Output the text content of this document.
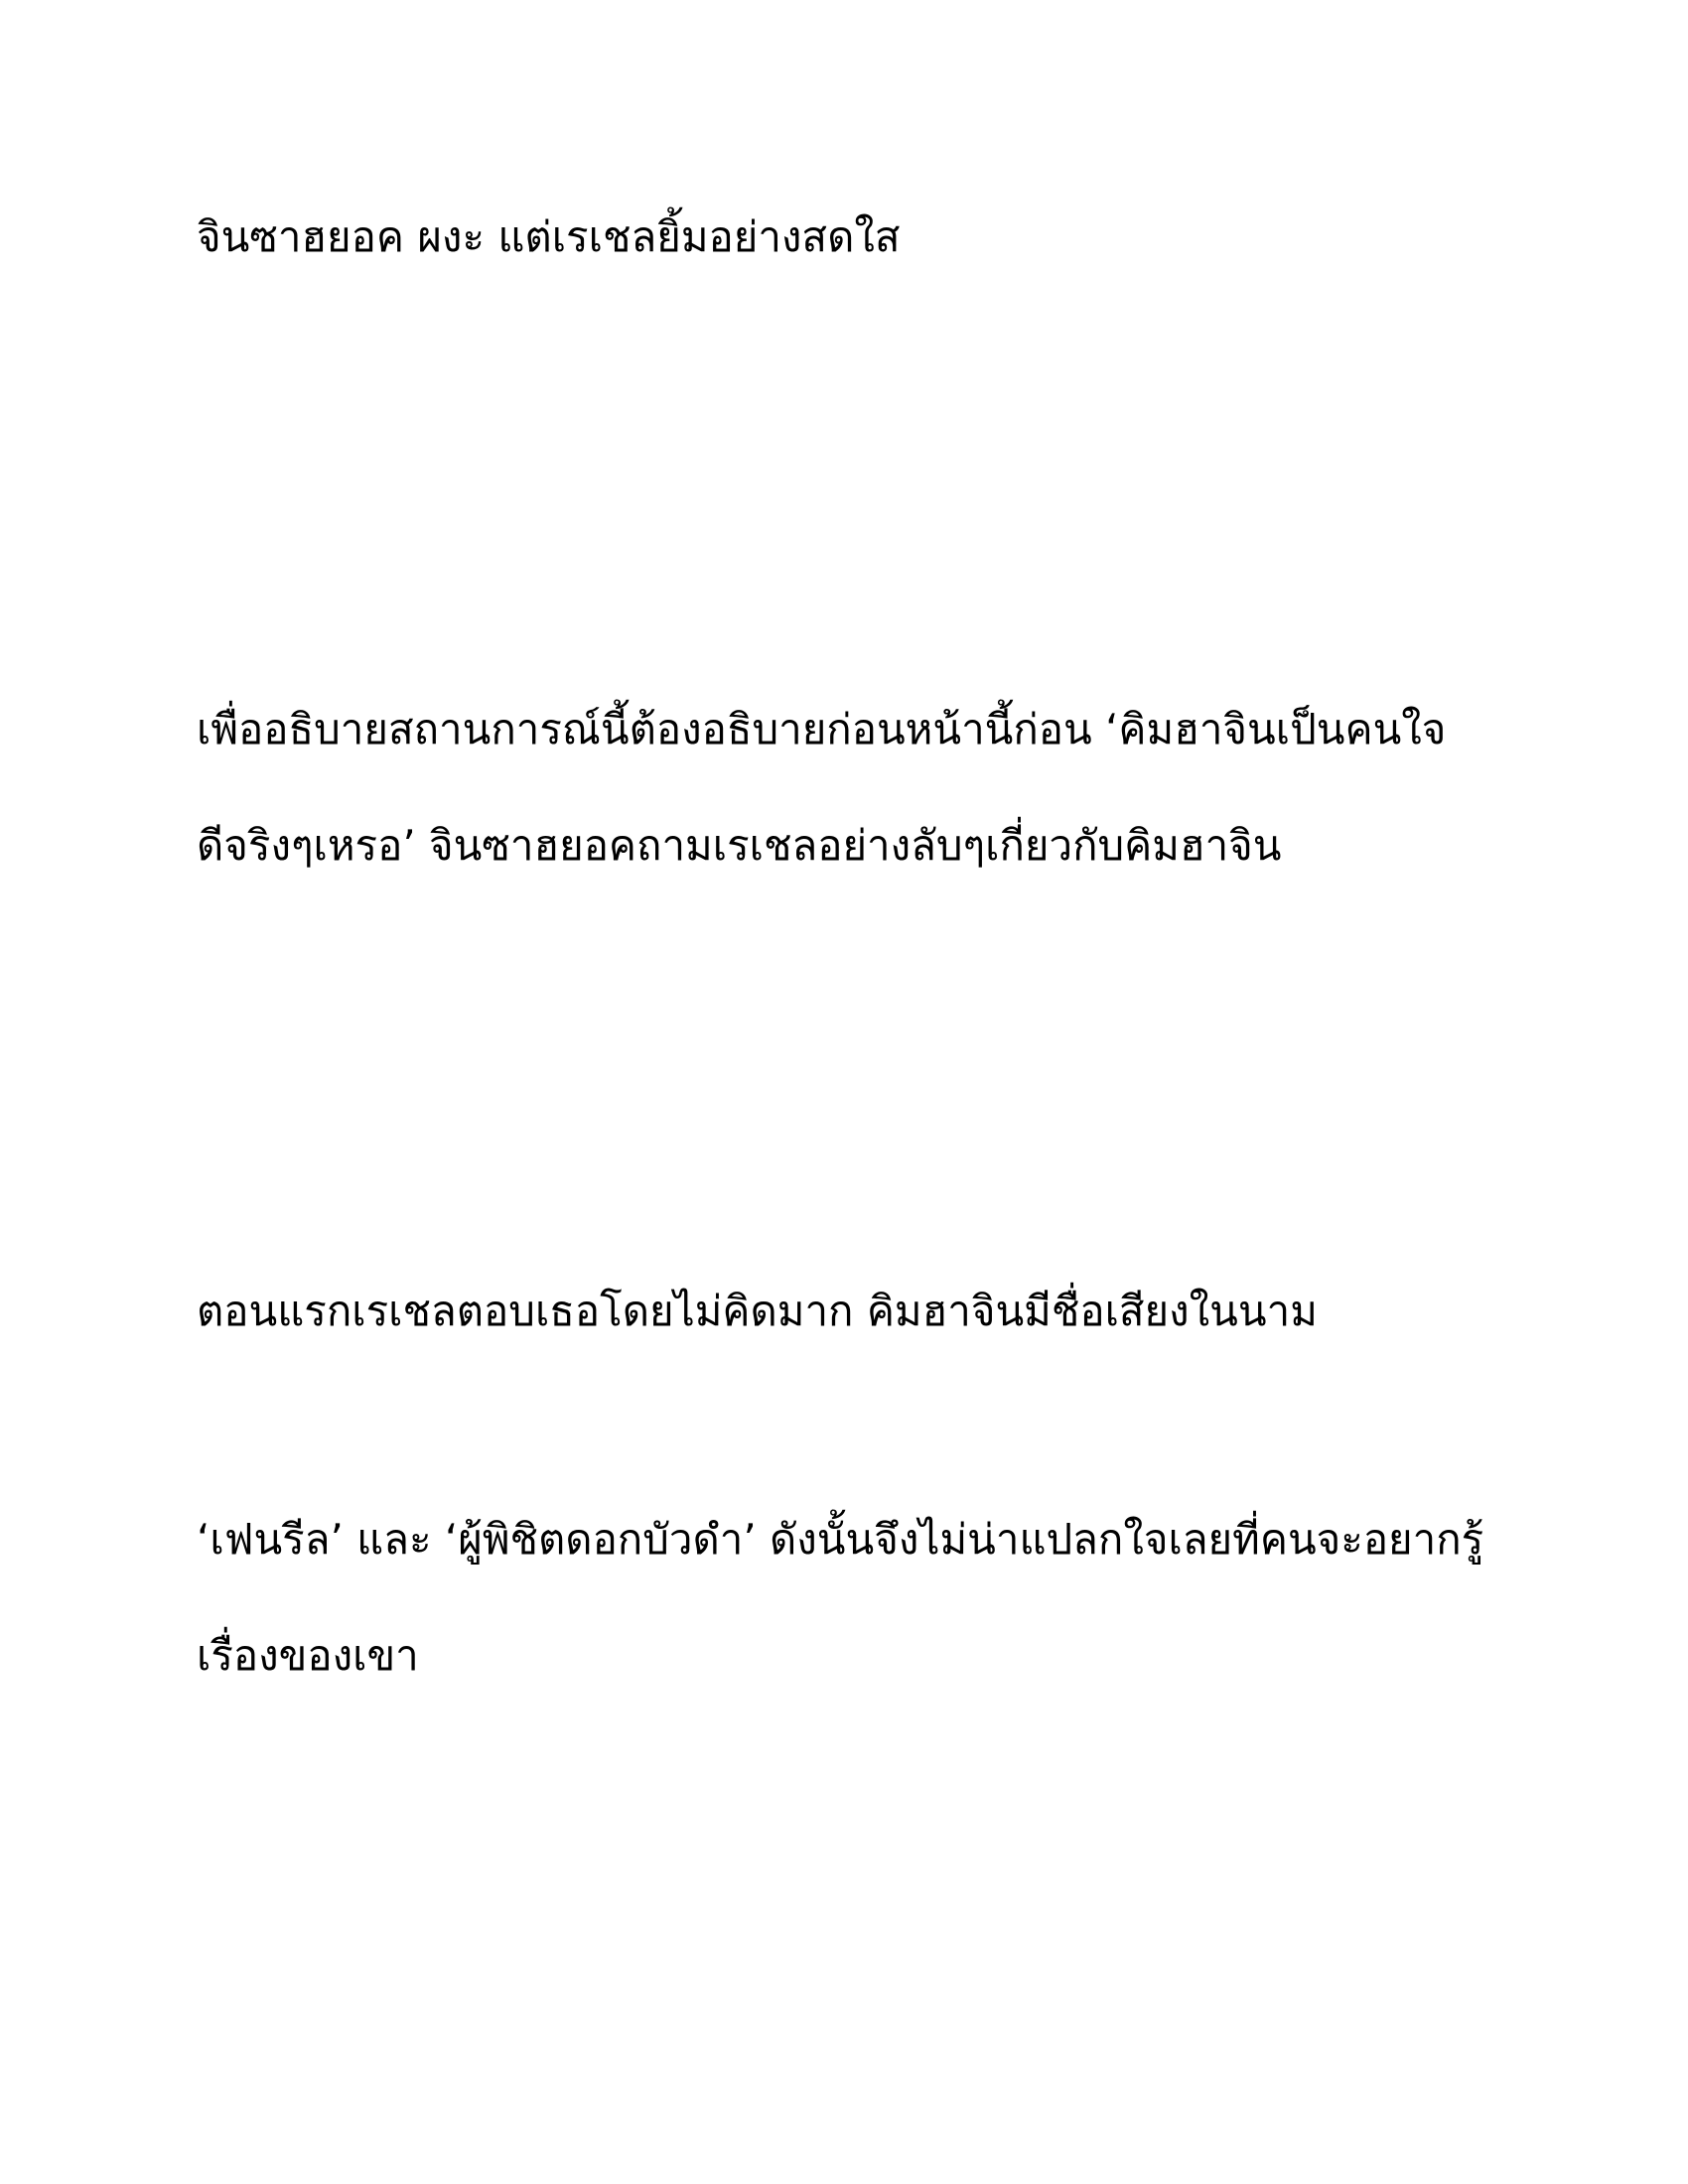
จินซาฮยอค ผงะ แต่เรเชลยิ้มอย่างสดใส

เพื่ออธิบายสถานการณ์นี้ต้องอธิบายก่อนหน้านี้ก่อน ‘คิมฮาจินเป็นคนใจ
ดีจริงๆเหรอ’ จินซาฮยอคถามเรเชลอย่างลับๆเกี่ยวกับคิมฮาจิน

ตอนแรกเรเชลตอบเธอโดยไม่คิดมาก คิมฮาจินมีชื่อเสียงในนาม

‘เฟนรีล’ และ ‘ผู้พิชิตดอกบัวดำ’ ดังนั้นจึงไม่น่าแปลกใจเลยที่คนจะอยากรู้
เรื่องของเขา
